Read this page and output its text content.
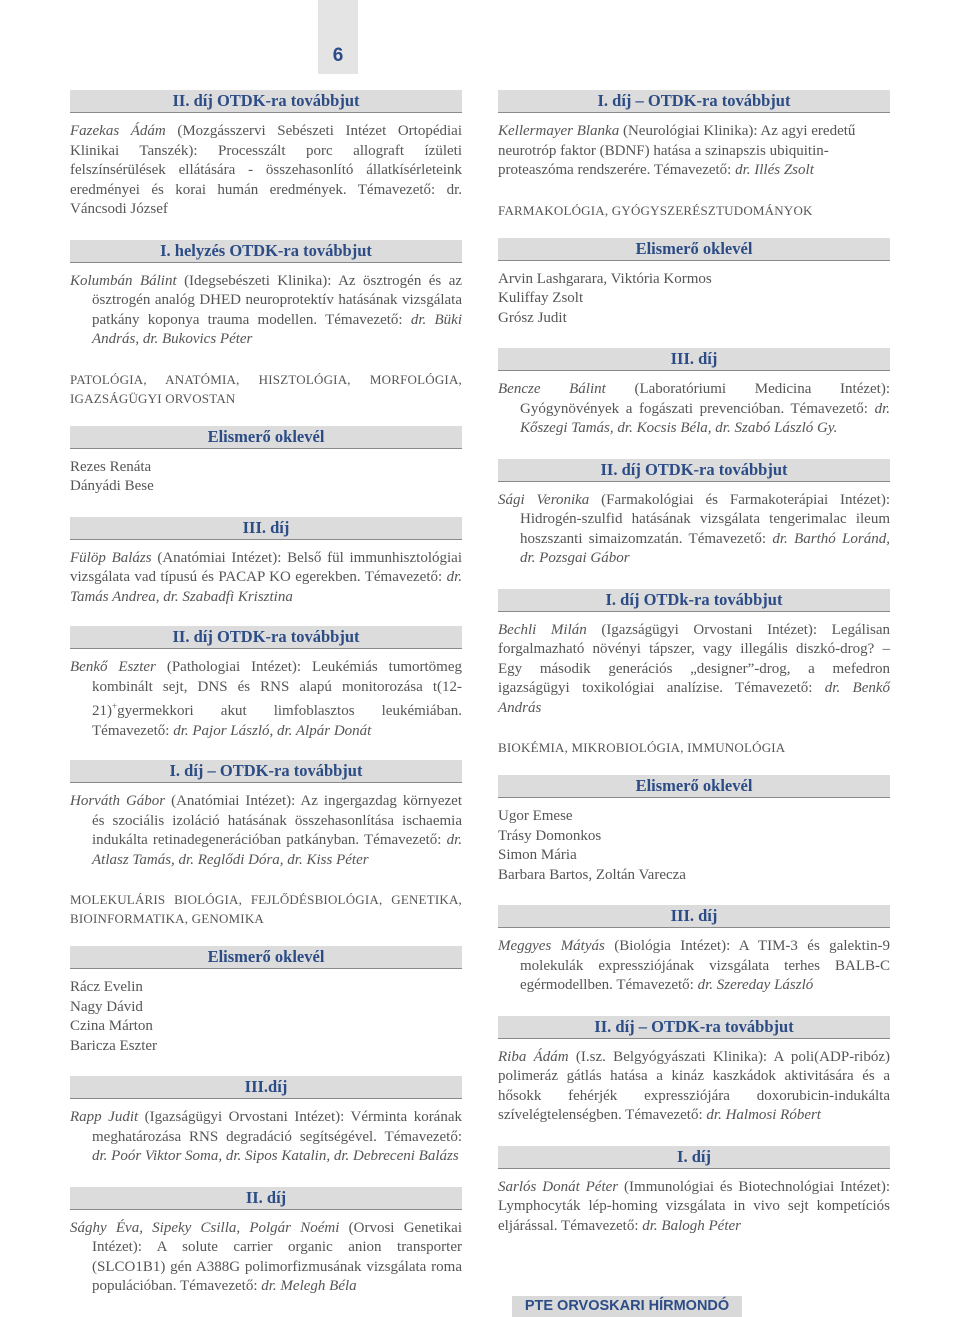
6
II. díj OTDK-ra továbbjut

Fazekas Ádám (Mozgásszervi Sebészeti Intézet Ortopédiai Klinikai Tanszék): Processzált porc allograft ízületi felszínsérülések ellátására - összehasonlító állatkísérleteink eredményei és korai humán eredmények. Témavezető: dr. Váncsodi József

I. helyzés OTDK-ra továbbjut

Kolumbán Bálint (Idegsebészeti Klinika): Az ösztrogén és az ösztrogén analóg DHED neuroprotektív hatásának vizsgálata patkány koponya trauma modellen. Témavezető: dr. Büki András, dr. Bukovics Péter

PATOLÓGIA, ANATÓMIA, HISZTOLÓGIA, MORFOLÓGIA, IGAZSÁGÜGYI ORVOSTAN

Elismerő oklevél
Rezes Renáta
Dányádi Bese
III. díj

Fülöp Balázs (Anatómiai Intézet): Belső fül immunhisztológiai vizsgálata vad típusú és PACAP KO egerekben. Témavezető: dr. Tamás Andrea, dr. Szabadfi Krisztina

II. díj OTDK-ra továbbjut

Benkő Eszter (Pathologiai Intézet): Leukémiás tumortömeg kombinált sejt, DNS és RNS alapú monitorozása t(12-21)+gyermekkori akut limfoblasztos leukémiában. Témavezető: dr. Pajor László, dr. Alpár Donát

I. díj – OTDK-ra továbbjut

Horváth Gábor (Anatómiai Intézet): Az ingergazdag környezet és szociális izoláció hatásának összehasonlítása ischaemia indukálta retinadegenerációban patkányban. Témavezető: dr. Atlasz Tamás, dr. Reglődi Dóra, dr. Kiss Péter

MOLEKULÁRIS BIOLÓGIA, FEJLŐDÉSBIOLÓGIA, GENETIKA, BIOINFORMATIKA, GENOMIKA

Elismerő oklevél
Rácz Evelin
Nagy Dávid
Czina Márton
Baricza Eszter
III.díj

Rapp Judit (Igazságügyi Orvostani Intézet): Vérminta korának meghatározása RNS degradáció segítségével. Témavezető: dr. Poór Viktor Soma, dr. Sipos Katalin, dr. Debreceni Balázs

II. díj

Sághy Éva, Sipeky Csilla, Polgár Noémi (Orvosi Genetikai Intézet): A solute carrier organic anion transporter (SLCO1B1) gén A388G polimorfizmusának vizsgálata roma populációban. Témavezető: dr. Melegh Béla

I. díj – OTDK-ra továbbjut

Kellermayer Blanka (Neurológiai Klinika): Az agyi eredetű neurotróp faktor (BDNF) hatása a szinapszis ubiquitin-proteaszóma rendszerére. Témavezető: dr. Illés Zsolt

FARMAKOLÓGIA, GYÓGYSZERÉSZTUDOMÁNYOK

Elismerő oklevél
Arvin Lashgarara, Viktória Kormos
Kuliffay Zsolt
Grósz Judit
III. díj

Bencze Bálint (Laboratóriumi Medicina Intézet): Gyógynövények a fogászati prevencióban. Témavezető: dr. Kőszegi Tamás, dr. Kocsis Béla, dr. Szabó László Gy.

II. díj OTDK-ra továbbjut

Sági Veronika (Farmakológiai és Farmakoterápiai Intézet): Hidrogén-szulfid hatásának vizsgálata tengerimalac ileum hoszszanti simaizomzatán. Témavezető: dr. Barthó Loránd, dr. Pozsgai Gábor

I. díj OTDk-ra továbbjut

Bechli Milán (Igazságügyi Orvostani Intézet): Legálisan forgalmazható növényi tápszer, vagy illegális diszkó-drog? – Egy második generációs „designer”-drog, a mefedron igazságügyi toxikológiai analízise. Témavezető: dr. Benkő András

BIOKÉMIA, MIKROBIOLÓGIA, IMMUNOLÓGIA

Elismerő oklevél
Ugor Emese
Trásy Domonkos
Simon Mária
Barbara Bartos, Zoltán Varecza
III. díj

Meggyes Mátyás (Biológia Intézet): A TIM-3 és galektin-9 molekulák expressziójának vizsgálata terhes BALB-C egérmodellben. Témavezető: dr. Szereday László

II. díj – OTDK-ra továbbjut

Riba Ádám (I.sz. Belgyógyászati Klinika): A poli(ADP-ribóz) polimeráz gátlás hatása a kináz kaszkádok aktivitására és a hősokk fehérjék expressziójára doxorubicin-indukálta szívelégtelenségben. Témavezető: dr. Halmosi Róbert

I. díj

Sarlós Donát Péter (Immunológiai és Biotechnológiai Intézet): Lymphocyták lép-homing vizsgálata in vivo sejt kompetíciós eljárással. Témavezető: dr. Balogh Péter

PTE ORVOSKARI HÍRMONDÓ
